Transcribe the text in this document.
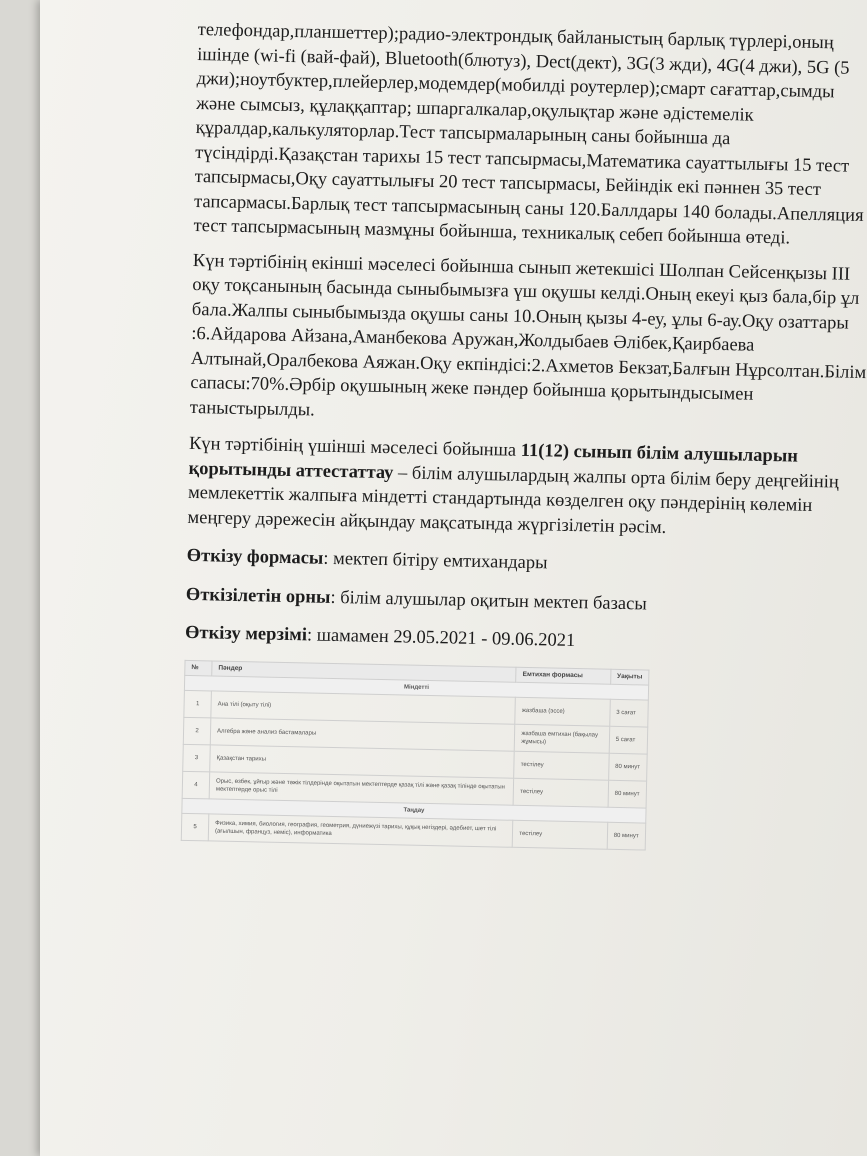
телефондар,планшеттер);радио-электрондық байланыстың барлық түрлері,оның ішінде (wi-fi (вай-фай), Bluetooth(блютуз), Dect(дект), 3G(3 жди), 4G(4 джи), 5G (5 джи);ноутбуктер,плейерлер,модемдер(мобилді роутерлер);смарт сағаттар,сымды және сымсыз, құлаққаптар; шпаргалкалар,оқулықтар және әдістемелік құралдар,калькуляторлар.Тест тапсырмаларының саны бойынша да түсіндірді.Қазақстан тарихы 15 тест тапсырмасы,Математика сауаттылығы 15 тест тапсырмасы,Оқу сауаттылығы 20 тест тапсырмасы, Бейіндік екі пәннен 35 тест тапсармасы.Барлық тест тапсырмасының саны 120.Баллдары 140 болады.Апелляция тест тапсырмасының мазмұны бойынша, техникалық себеп бойынша өтеді.

Күн тәртібінің екінші мәселесі бойынша сынып жетекшісі Шолпан Сейсенқызы ІІІ оқу тоқсанының басында сыныбымызға үш оқушы келді.Оның екеуі қыз бала,бір ұл бала.Жалпы сыныбымызда оқушы саны 10.Оның қызы 4-еу, ұлы 6-ау.Оқу озаттары :6.Айдарова Айзана,Аманбекова Аружан,Жолдыбаев Әлібек,Қаирбаева Алтынай,Оралбекова Аяжан.Оқу екпіндісі:2.Ахметов Бекзат,Балғын Нұрсолтан.Білім сапасы:70%.Әрбір оқушының жеке пәндер бойынша қорытындысымен таныстырылды.

Күн тәртібінің үшінші мәселесі бойынша 11(12) сынып білім алушыларын қорытынды аттестаттау – білім алушылардың жалпы орта білім беру деңгейінің мемлекеттік жалпыға міндетті стандартында көзделген оқу пәндерінің көлемін меңгеру дәрежесін айқындау мақсатында жүргізілетін рәсім.

Өткізу формасы: мектеп бітіру емтихандары

Өткізілетін орны: білім алушылар оқитын мектеп базасы

Өткізу мерзімі: шамамен 29.05.2021 - 09.06.2021

№	Пәндер	Емтихан формасы	Уақыты
Міндетті			
1	Ана тілі (оқыту тілі)	жазбаша (эссе)	3 сағат
2	Алгебра және анализ бастамалары	жазбаша емтихан (бақылау жұмысы)	5 сағат
3	Қазақстан тарихы	тестілеу	80 минут
4	Орыс, өзбек, ұйғыр және тәжік тілдерінде оқытатын мектептерде қазақ тілі және қазақ тілінде оқытатын мектептерде орыс тілі	тестілеу	80 минут
Таңдау			
5	Физика, химия, биология, география, геометрия, дүниежүзі тарихы, құқық негіздері, әдебиет, шет тілі (ағылшын, француз, неміс), информатика	тестілеу	80 минут
